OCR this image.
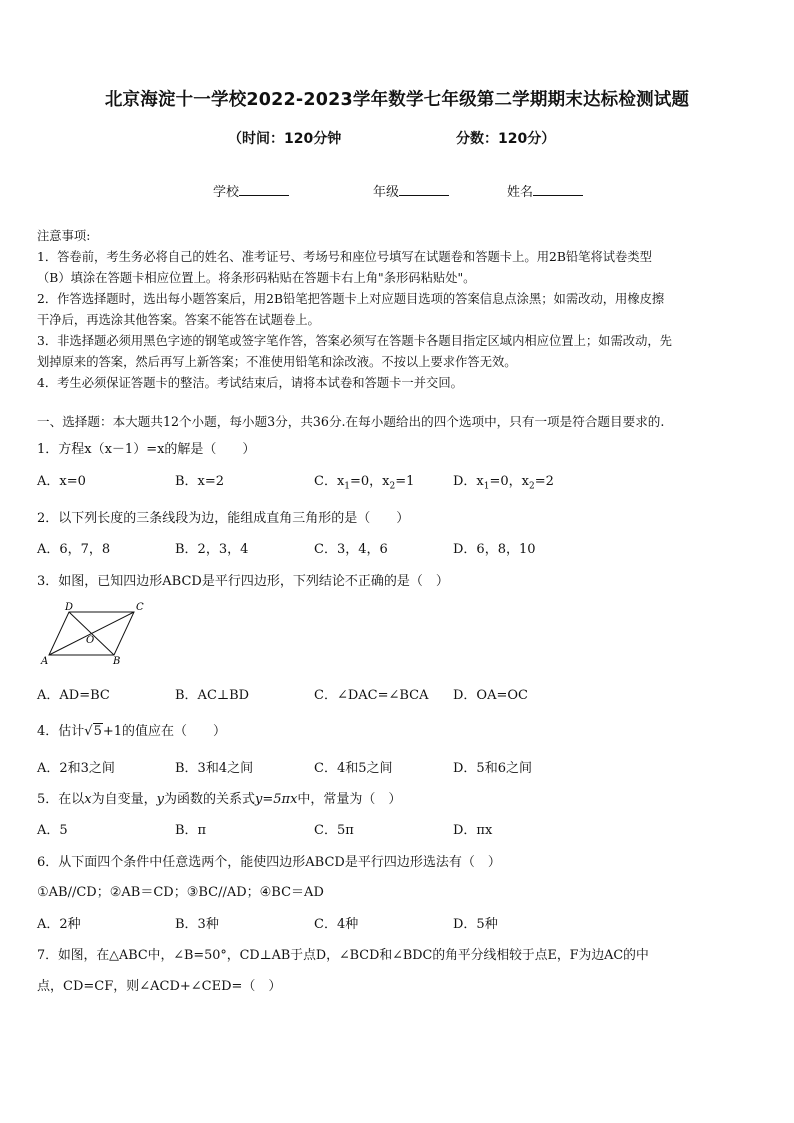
北京海淀十一学校2022-2023学年数学七年级第二学期期末达标检测试题
（时间：120分钟	分数：120分）
学校	年级	姓名
注意事项:
1．答卷前，考生务必将自己的姓名、准考证号、考场号和座位号填写在试题卷和答题卡上。用2B铅笔将试卷类型
（B）填涂在答题卡相应位置上。将条形码粘贴在答题卡右上角"条形码粘贴处"。
2．作答选择题时，选出每小题答案后，用2B铅笔把答题卡上对应题目选项的答案信息点涂黑；如需改动，用橡皮擦
干净后，再选涂其他答案。答案不能答在试题卷上。
3．非选择题必须用黑色字迹的钢笔或签字笔作答，答案必须写在答题卡各题目指定区域内相应位置上；如需改动，先
划掉原来的答案，然后再写上新答案；不准使用铅笔和涂改液。不按以上要求作答无效。
4．考生必须保证答题卡的整洁。考试结束后，请将本试卷和答题卡一并交回。
一、选择题：本大题共12个小题，每小题3分，共36分.在每小题给出的四个选项中，只有一项是符合题目要求的.
1．方程x（x－1）=x的解是（　　）
A．x=0	B．x=2	C．$x_1=0$，$x_2=1$	D．$x_1=0$，$x_2=2$
2．以下列长度的三条线段为边，能组成直角三角形的是（　　）
A．6，7，8	B．2，3，4	C．3，4，6	D．6，8，10
3．如图，已知四边形ABCD是平行四边形，下列结论不正确的是（　）
D	C
A	B
O
A．AD=BC	B．AC⊥BD	C．∠DAC=∠BCA D．OA=OC
4．估计√5+1的值应在（　　）
A．2和3之间	B．3和4之间	C．4和5之间	D．5和6之间
5．在以x为自变量，y为函数的关系式y=5πx中，常量为（　）
A．5	B．π	C．5π	D．πx
6．从下面四个条件中任意选两个，能使四边形ABCD是平行四边形选法有（　）
①AB//CD；②AB＝CD；③BC//AD；④BC＝AD
A．2种	B．3种	C．4种	D．5种
7．如图，在△ABC中，∠B=50°，CD⊥AB于点D，∠BCD和∠BDC的角平分线相较于点E，F为边AC的中
点，CD=CF，则∠ACD+∠CED=（　）
